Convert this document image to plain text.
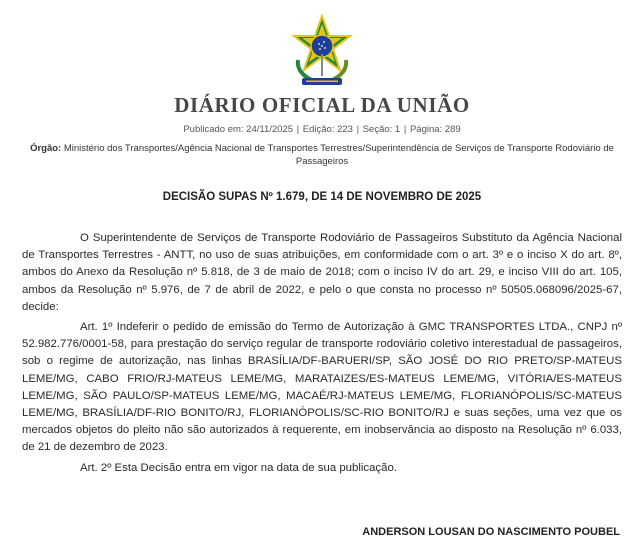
DIÁRIO OFICIAL DA UNIÃO
Publicado em: 24/11/2025 | Edição: 223 | Seção: 1 | Página: 289
Órgão: Ministério dos Transportes/Agência Nacional de Transportes Terrestres/Superintendência de Serviços de Transporte Rodoviário de Passageiros
DECISÃO SUPAS Nº 1.679, DE 14 DE NOVEMBRO DE 2025

O Superintendente de Serviços de Transporte Rodoviário de Passageiros Substituto da Agência Nacional de Transportes Terrestres - ANTT, no uso de suas atribuições, em conformidade com o art. 3º e o inciso X do art. 8º, ambos do Anexo da Resolução nº 5.818, de 3 de maio de 2018; com o inciso IV do art. 29, e inciso VIII do art. 105, ambos da Resolução nº 5.976, de 7 de abril de 2022, e pelo o que consta no processo nº 50505.068096/2025-67, decide:

Art. 1º Indeferir o pedido de emissão do Termo de Autorização à GMC TRANSPORTES LTDA., CNPJ nº 52.982.776/0001-58, para prestação do serviço regular de transporte rodoviário coletivo interestadual de passageiros, sob o regime de autorização, nas linhas BRASÍLIA/DF-BARUERI/SP, SÃO JOSÉ DO RIO PRETO/SP-MATEUS LEME/MG, CABO FRIO/RJ-MATEUS LEME/MG, MARATAIZES/ES-MATEUS LEME/MG, VITÓRIA/ES-MATEUS LEME/MG, SÃO PAULO/SP-MATEUS LEME/MG, MACAÉ/RJ-MATEUS LEME/MG, FLORIANÓPOLIS/SC-MATEUS LEME/MG, BRASÍLIA/DF-RIO BONITO/RJ, FLORIANÓPOLIS/SC-RIO BONITO/RJ e suas seções, uma vez que os mercados objetos do pleito não são autorizados à requerente, em inobservância ao disposto na Resolução nº 6.033, de 21 de dezembro de 2023.

Art. 2º Esta Decisão entra em vigor na data de sua publicação.

ANDERSON LOUSAN DO NASCIMENTO POUBEL
